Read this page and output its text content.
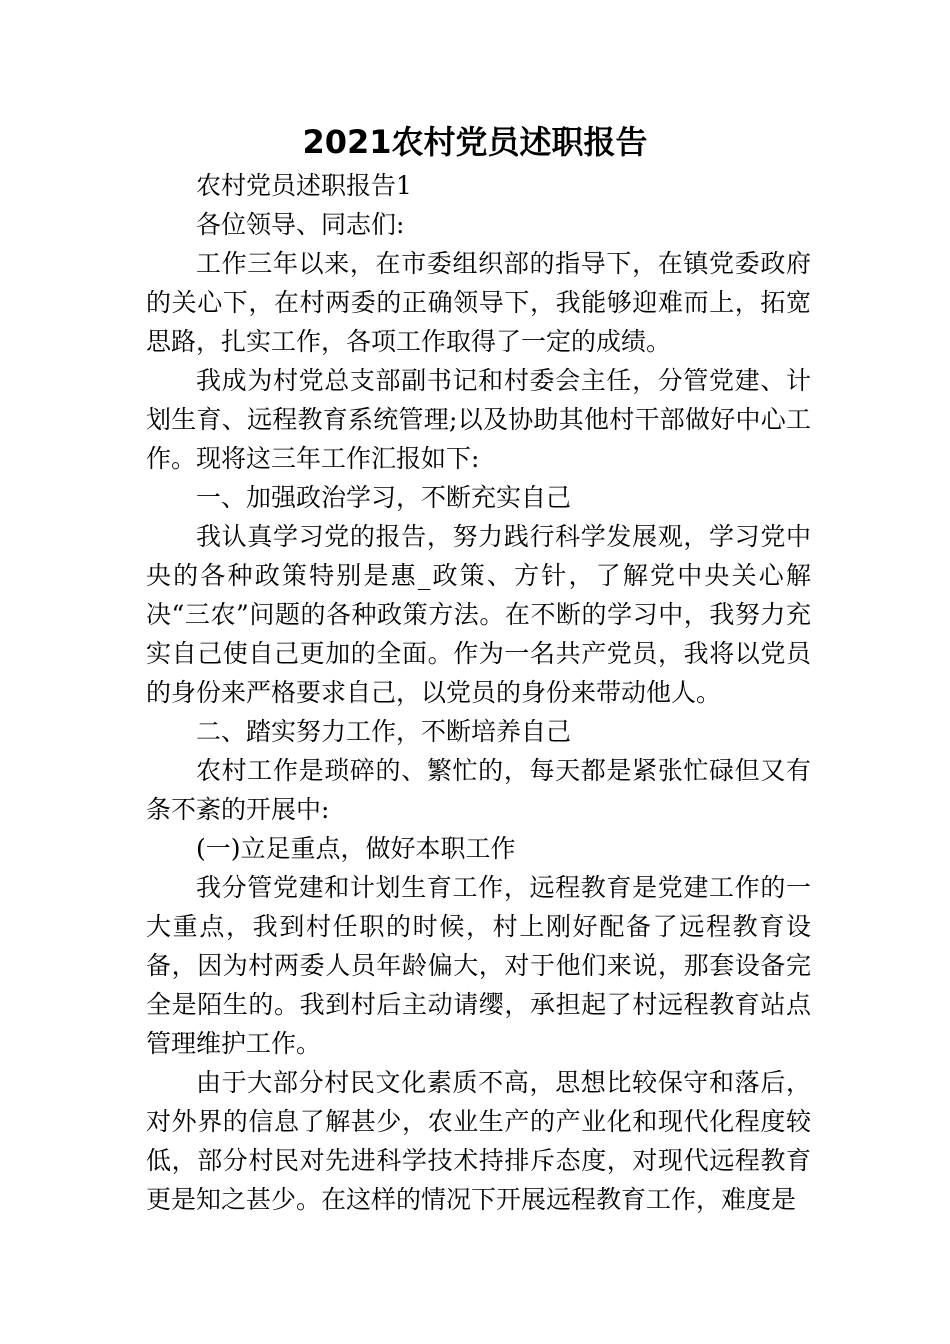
2021农村党员述职报告

农村党员述职报告1

各位领导、同志们:

工作三年以来，在市委组织部的指导下，在镇党委政府的关心下，在村两委的正确领导下，我能够迎难而上，拓宽思路，扎实工作，各项工作取得了一定的成绩。

我成为村党总支部副书记和村委会主任，分管党建、计划生育、远程教育系统管理;以及协助其他村干部做好中心工作。现将这三年工作汇报如下:

一、加强政治学习，不断充实自己

我认真学习党的报告，努力践行科学发展观，学习党中央的各种政策特别是惠_政策、方针，了解党中央关心解决“三农”问题的各种政策方法。在不断的学习中，我努力充实自己使自己更加的全面。作为一名共产党员，我将以党员的身份来严格要求自己，以党员的身份来带动他人。

二、踏实努力工作，不断培养自己

农村工作是琐碎的、繁忙的，每天都是紧张忙碌但又有条不紊的开展中:

(一)立足重点，做好本职工作

我分管党建和计划生育工作，远程教育是党建工作的一大重点，我到村任职的时候，村上刚好配备了远程教育设备，因为村两委人员年龄偏大，对于他们来说，那套设备完全是陌生的。我到村后主动请缨，承担起了村远程教育站点管理维护工作。

由于大部分村民文化素质不高，思想比较保守和落后，对外界的信息了解甚少，农业生产的产业化和现代化程度较低，部分村民对先进科学技术持排斥态度，对现代远程教育更是知之甚少。在这样的情况下开展远程教育工作，难度是
